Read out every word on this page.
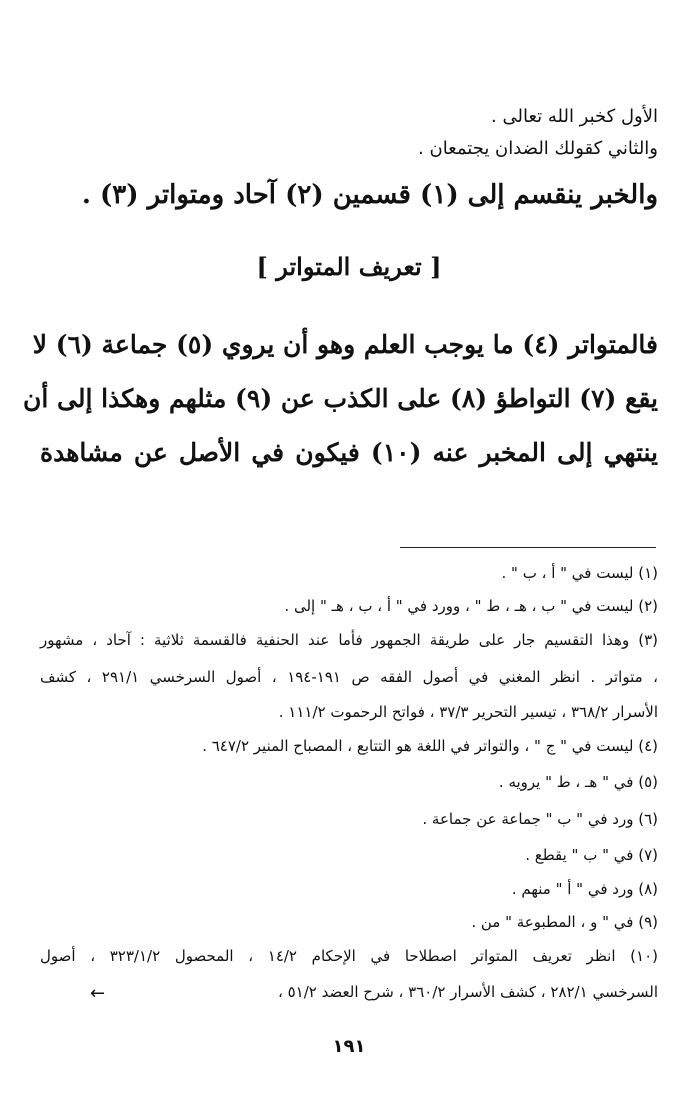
الأول كخبر الله تعالى .
والثاني كقولك الضدان يجتمعان .
والخبر ينقسم إلى (١) قسمين (٢) آحاد ومتواتر (٣) .
[ تعريف المتواتر ]
فالمتواتر (٤) ما يوجب العلم وهو أن يروي (٥) جماعة (٦) لا
يقع (٧) التواطؤ (٨) على الكذب عن (٩) مثلهم وهكذا إلى أن
ينتهي إلى المخبر عنه (١٠) فيكون في الأصل عن مشاهدة
(١) ليست في " أ ، ب " .
(٢) ليست في " ب ، هـ ، ط " ، وورد في " أ ، ب ، هـ " إلى .
(٣) وهذا التقسيم جار على طريقة الجمهور فأما عند الحنفية فالقسمة ثلاثية : آحاد ، مشهور
، متواتر . انظر المغني في أصول الفقه ص ١٩١-١٩٤ ، أصول السرخسي ٢٩١/١ ، كشف
الأسرار ٣٦٨/٢ ، تيسير التحرير ٣٧/٣ ، فواتح الرحموت ١١١/٢ .
(٤) ليست في " ج " ، والتواتر في اللغة هو التتابع ، المصباح المنير ٦٤٧/٢ .
(٥) في " هـ ، ط " يرويه .
(٦) ورد في " ب " جماعة عن جماعة .
(٧) في " ب " يقطع .
(٨) ورد في " أ " منهم .
(٩) في " و ، المطبوعة " من .
(١٠) انظر تعريف المتواتر اصطلاحا في الإحكام ١٤/٢ ، المحصول ٣٢٣/١/٢ ، أصول
السرخسي ٢٨٢/١ ، كشف الأسرار ٣٦٠/٢ ، شرح العضد ٥١/٢ ،
←
١٩١
